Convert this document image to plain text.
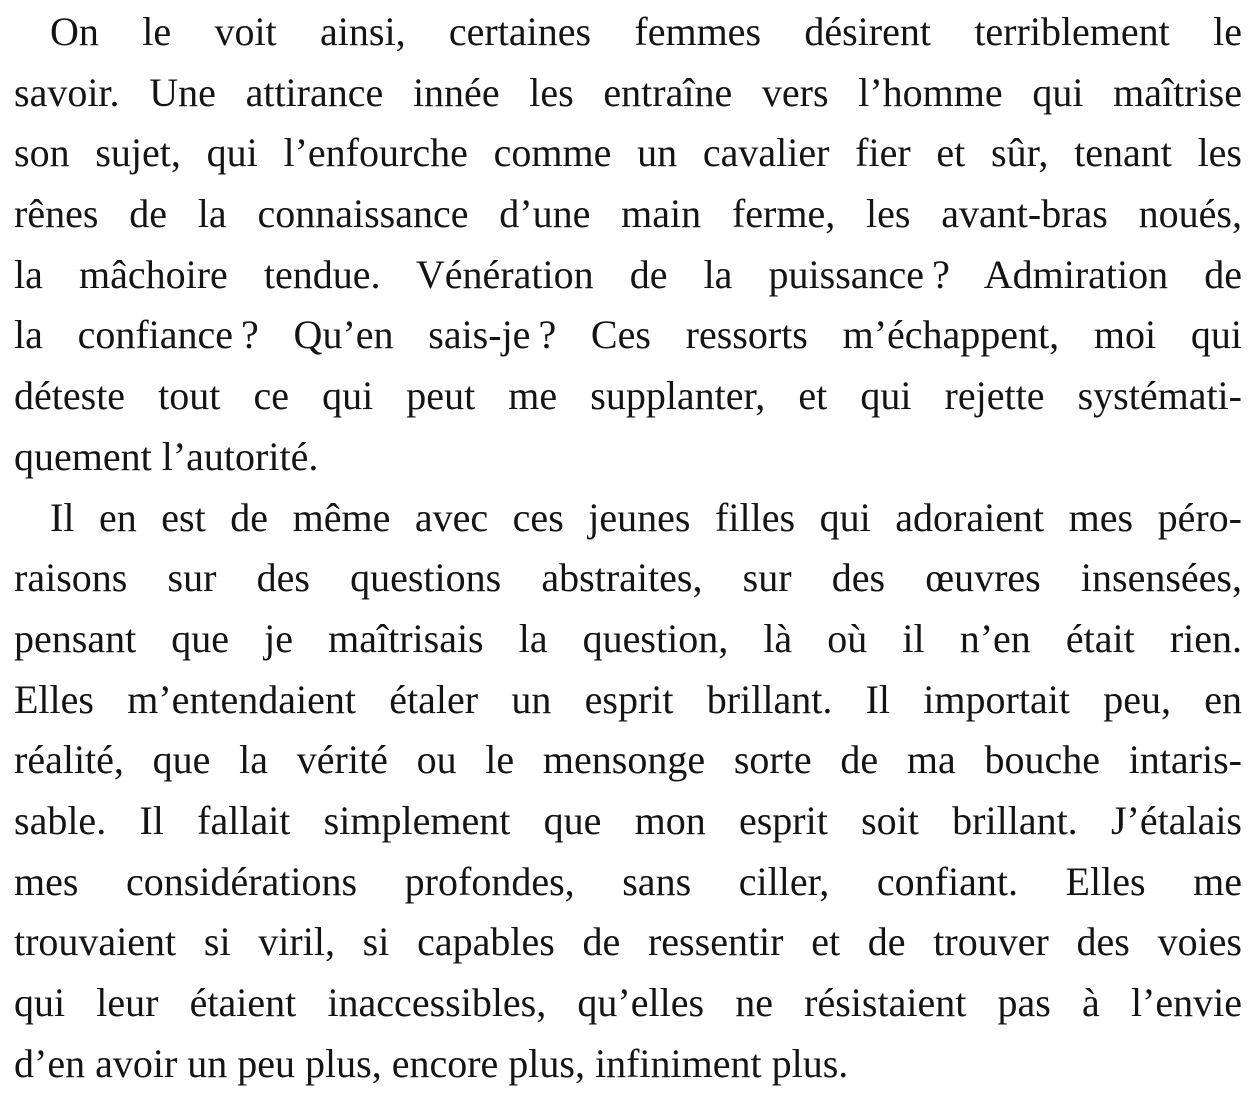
On le voit ainsi, certaines femmes désirent terriblement le
savoir. Une attirance innée les entraîne vers l’homme qui maîtrise
son sujet, qui l’enfourche comme un cavalier fier et sûr, tenant les
rênes de la connaissance d’une main ferme, les avant-bras noués,
la mâchoire tendue. Vénération de la puissance ? Admiration de
la confiance ? Qu’en sais-je ? Ces ressorts m’échappent, moi qui
déteste tout ce qui peut me supplanter, et qui rejette systémati-
quement l’autorité.
Il en est de même avec ces jeunes filles qui adoraient mes péro-
raisons sur des questions abstraites, sur des œuvres insensées,
pensant que je maîtrisais la question, là où il n’en était rien.
Elles m’entendaient étaler un esprit brillant. Il importait peu, en
réalité, que la vérité ou le mensonge sorte de ma bouche intaris-
sable. Il fallait simplement que mon esprit soit brillant. J’étalais
mes considérations profondes, sans ciller, confiant. Elles me
trouvaient si viril, si capables de ressentir et de trouver des voies
qui leur étaient inaccessibles, qu’elles ne résistaient pas à l’envie
d’en avoir un peu plus, encore plus, infiniment plus.
